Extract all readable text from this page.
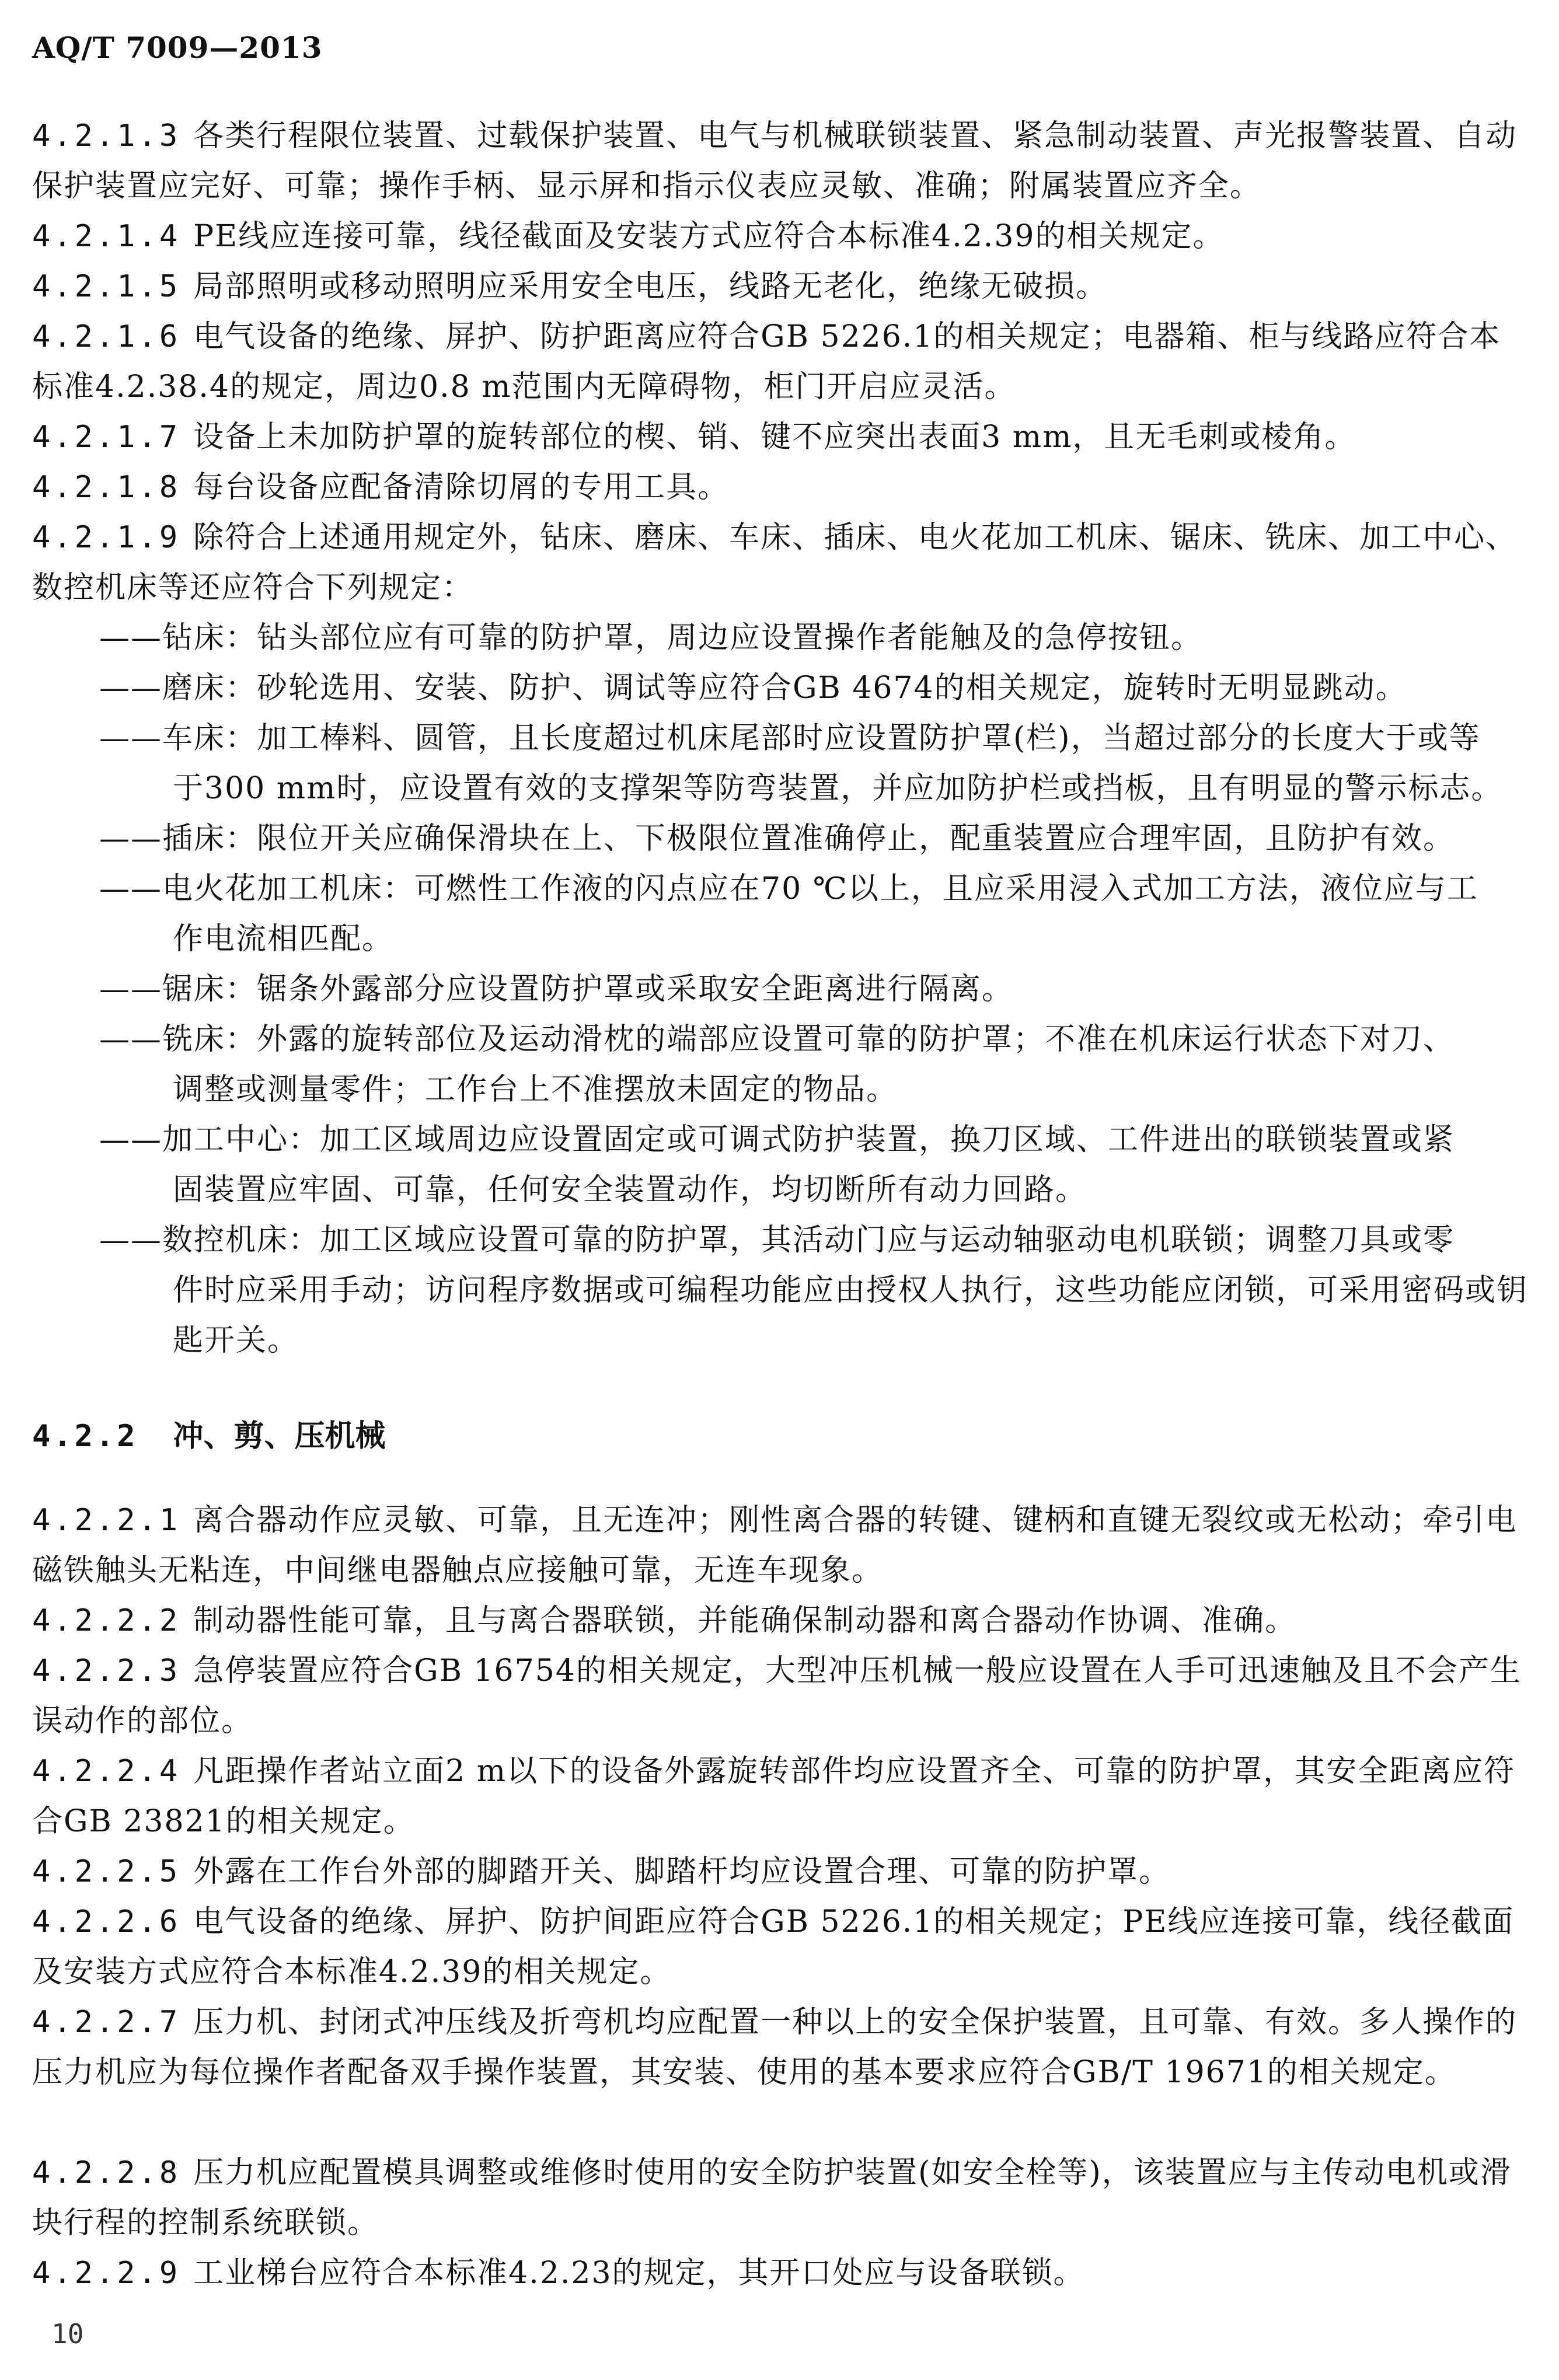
AQ/T 7009—2013

4.2.1.3 各类行程限位装置、过载保护装置、电气与机械联锁装置、紧急制动装置、声光报警装置、自动保护装置应完好、可靠；操作手柄、显示屏和指示仪表应灵敏、准确；附属装置应齐全。

4.2.1.4 PE线应连接可靠，线径截面及安装方式应符合本标准4.2.39的相关规定。

4.2.1.5 局部照明或移动照明应采用安全电压，线路无老化，绝缘无破损。

4.2.1.6 电气设备的绝缘、屏护、防护距离应符合GB 5226.1的相关规定；电器箱、柜与线路应符合本标准4.2.38.4的规定，周边0.8 m范围内无障碍物，柜门开启应灵活。

4.2.1.7 设备上未加防护罩的旋转部位的楔、销、键不应突出表面3 mm，且无毛刺或棱角。

4.2.1.8 每台设备应配备清除切屑的专用工具。

4.2.1.9 除符合上述通用规定外，钻床、磨床、车床、插床、电火花加工机床、锯床、铣床、加工中心、数控机床等还应符合下列规定：

——钻床：钻头部位应有可靠的防护罩，周边应设置操作者能触及的急停按钮。

——磨床：砂轮选用、安装、防护、调试等应符合GB 4674的相关规定，旋转时无明显跳动。

——车床：加工棒料、圆管，且长度超过机床尾部时应设置防护罩(栏)，当超过部分的长度大于或等
于300 mm时，应设置有效的支撑架等防弯装置，并应加防护栏或挡板，且有明显的警示标志。

——插床：限位开关应确保滑块在上、下极限位置准确停止，配重装置应合理牢固，且防护有效。

——电火花加工机床：可燃性工作液的闪点应在70 ℃以上，且应采用浸入式加工方法，液位应与工
作电流相匹配。

——锯床：锯条外露部分应设置防护罩或采取安全距离进行隔离。

——铣床：外露的旋转部位及运动滑枕的端部应设置可靠的防护罩；不准在机床运行状态下对刀、
调整或测量零件；工作台上不准摆放未固定的物品。

——加工中心：加工区域周边应设置固定或可调式防护装置，换刀区域、工件进出的联锁装置或紧
固装置应牢固、可靠，任何安全装置动作，均切断所有动力回路。

——数控机床：加工区域应设置可靠的防护罩，其活动门应与运动轴驱动电机联锁；调整刀具或零
件时应采用手动；访问程序数据或可编程功能应由授权人执行，这些功能应闭锁，可采用密码或钥匙开关。

4.2.2 冲、剪、压机械

4.2.2.1 离合器动作应灵敏、可靠，且无连冲；刚性离合器的转键、键柄和直键无裂纹或无松动；牵引电磁铁触头无粘连，中间继电器触点应接触可靠，无连车现象。

4.2.2.2 制动器性能可靠，且与离合器联锁，并能确保制动器和离合器动作协调、准确。

4.2.2.3 急停装置应符合GB 16754的相关规定，大型冲压机械一般应设置在人手可迅速触及且不会产生误动作的部位。

4.2.2.4 凡距操作者站立面2 m以下的设备外露旋转部件均应设置齐全、可靠的防护罩，其安全距离应符合GB 23821的相关规定。

4.2.2.5 外露在工作台外部的脚踏开关、脚踏杆均应设置合理、可靠的防护罩。

4.2.2.6 电气设备的绝缘、屏护、防护间距应符合GB 5226.1的相关规定；PE线应连接可靠，线径截面及安装方式应符合本标准4.2.39的相关规定。

4.2.2.7 压力机、封闭式冲压线及折弯机均应配置一种以上的安全保护装置，且可靠、有效。多人操作的压力机应为每位操作者配备双手操作装置，其安装、使用的基本要求应符合GB/T 19671的相关规定。

4.2.2.8 压力机应配置模具调整或维修时使用的安全防护装置(如安全栓等)，该装置应与主传动电机或滑块行程的控制系统联锁。

4.2.2.9 工业梯台应符合本标准4.2.23的规定，其开口处应与设备联锁。

10
